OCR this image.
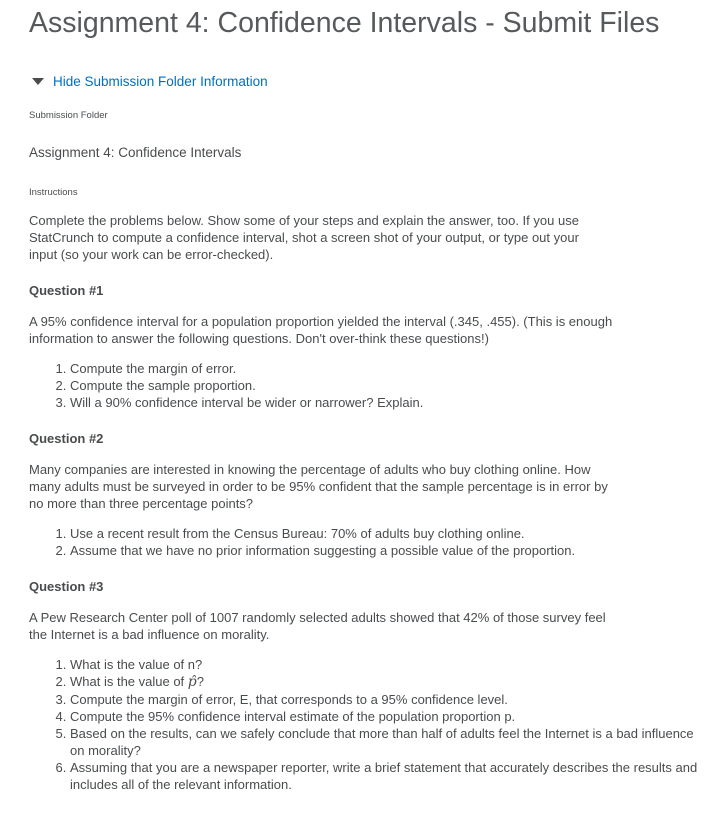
Assignment 4: Confidence Intervals - Submit Files
Hide Submission Folder Information
Submission Folder
Assignment 4: Confidence Intervals
Instructions

Complete the problems below. Show some of your steps and explain the answer, too. If you use StatCrunch to compute a confidence interval, shot a screen shot of your output, or type out your input (so your work can be error-checked).

Question #1

A 95% confidence interval for a population proportion yielded the interval (.345, .455). (This is enough information to answer the following questions. Don't over-think these questions!)

1. Compute the margin of error.
2. Compute the sample proportion.
3. Will a 90% confidence interval be wider or narrower? Explain.
Question #2

Many companies are interested in knowing the percentage of adults who buy clothing online. How many adults must be surveyed in order to be 95% confident that the sample percentage is in error by no more than three percentage points?

1. Use a recent result from the Census Bureau: 70% of adults buy clothing online.
2. Assume that we have no prior information suggesting a possible value of the proportion.
Question #3

A Pew Research Center poll of 1007 randomly selected adults showed that 42% of those survey feel the Internet is a bad influence on morality.

1. What is the value of n?
2. What is the value of p̂?
3. Compute the margin of error, E, that corresponds to a 95% confidence level.
4. Compute the 95% confidence interval estimate of the population proportion p.
5. Based on the results, can we safely conclude that more than half of adults feel the Internet is a bad influence on morality?
6. Assuming that you are a newspaper reporter, write a brief statement that accurately describes the results and includes all of the relevant information.
